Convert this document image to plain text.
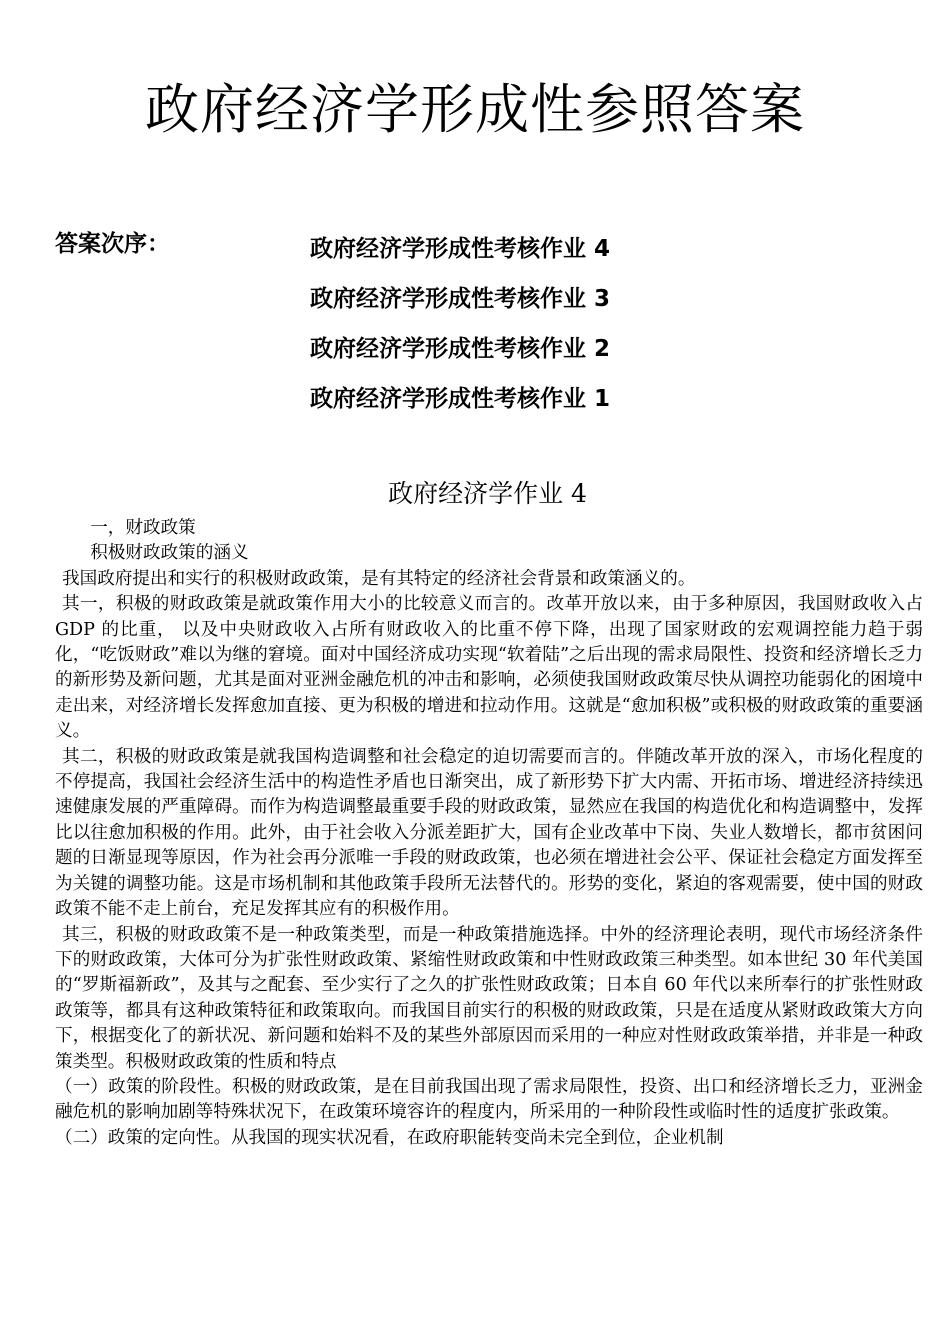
政府经济学形成性参照答案
答案次序：	政府经济学形成性考核作业 4
政府经济学形成性考核作业 3
政府经济学形成性考核作业 2
政府经济学形成性考核作业 1
政府经济学作业 4

一，财政政策

积极财政政策的涵义

我国政府提出和实行的积极财政政策，是有其特定的经济社会背景和政策涵义的。

其一，积极的财政政策是就政策作用大小的比较意义而言的。改革开放以来，由于多种原因，我国财政收入占 GDP 的比重， 以及中央财政收入占所有财政收入的比重不停下降，出现了国家财政的宏观调控能力趋于弱化，“吃饭财政”难以为继的窘境。面对中国经济成功实现“软着陆”之后出现的需求局限性、投资和经济增长乏力的新形势及新问题，尤其是面对亚洲金融危机的冲击和影响，必须使我国财政政策尽快从调控功能弱化的困境中走出来，对经济增长发挥愈加直接、更为积极的增进和拉动作用。这就是“愈加积极”或积极的财政政策的重要涵义。

其二，积极的财政政策是就我国构造调整和社会稳定的迫切需要而言的。伴随改革开放的深入，市场化程度的不停提高，我国社会经济生活中的构造性矛盾也日渐突出，成了新形势下扩大内需、开拓市场、增进经济持续迅速健康发展的严重障碍。而作为构造调整最重要手段的财政政策，显然应在我国的构造优化和构造调整中，发挥比以往愈加积极的作用。此外，由于社会收入分派差距扩大，国有企业改革中下岗、失业人数增长，都市贫困问题的日渐显现等原因，作为社会再分派唯一手段的财政政策，也必须在增进社会公平、保证社会稳定方面发挥至为关键的调整功能。这是市场机制和其他政策手段所无法替代的。形势的变化，紧迫的客观需要，使中国的财政政策不能不走上前台，充足发挥其应有的积极作用。

其三，积极的财政政策不是一种政策类型，而是一种政策措施选择。中外的经济理论表明，现代市场经济条件下的财政政策，大体可分为扩张性财政政策、紧缩性财政政策和中性财政政策三种类型。如本世纪 30 年代美国的“罗斯福新政”，及其与之配套、至少实行了之久的扩张性财政政策；日本自 60 年代以来所奉行的扩张性财政政策等，都具有这种政策特征和政策取向。而我国目前实行的积极的财政政策，只是在适度从紧财政政策大方向下，根据变化了的新状况、新问题和始料不及的某些外部原因而采用的一种应对性财政政策举措，并非是一种政策类型。积极财政政策的性质和特点

（一）政策的阶段性。积极的财政政策，是在目前我国出现了需求局限性，投资、出口和经济增长乏力，亚洲金融危机的影响加剧等特殊状况下，在政策环境容许的程度内，所采用的一种阶段性或临时性的适度扩张政策。

（二）政策的定向性。从我国的现实状况看，在政府职能转变尚未完全到位，企业机制
